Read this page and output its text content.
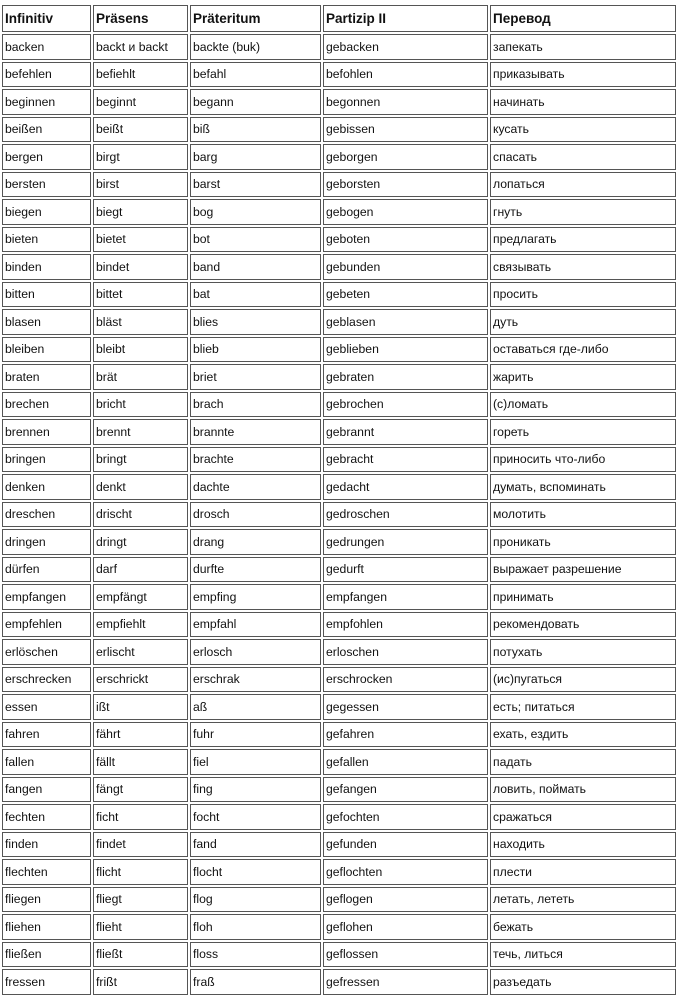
Infinitiv	Präsens	Präteritum	Partizip II	Перевод
backen	backt и backt	backte (buk)	gebacken	запекать
befehlen	befiehlt	befahl	befohlen	приказывать
beginnen	beginnt	begann	begonnen	начинать
beißen	beißt	biß	gebissen	кусать
bergen	birgt	barg	geborgen	спасать
bersten	birst	barst	geborsten	лопаться
biegen	biegt	bog	gebogen	гнуть
bieten	bietet	bot	geboten	предлагать
binden	bindet	band	gebunden	связывать
bitten	bittet	bat	gebeten	просить
blasen	bläst	blies	geblasen	дуть
bleiben	bleibt	blieb	geblieben	оставаться где-либо
braten	brät	briet	gebraten	жарить
brechen	bricht	brach	gebrochen	(с)ломать
brennen	brennt	brannte	gebrannt	гореть
bringen	bringt	brachte	gebracht	приносить что-либо
denken	denkt	dachte	gedacht	думать, вспоминать
dreschen	drischt	drosch	gedroschen	молотить
dringen	dringt	drang	gedrungen	проникать
dürfen	darf	durfte	gedurft	выражает разрешение
empfangen	empfängt	empfing	empfangen	принимать
empfehlen	empfiehlt	empfahl	empfohlen	рекомендовать
erlöschen	erlischt	erlosch	erloschen	потухать
erschrecken	erschrickt	erschrak	erschrocken	(ис)пугаться
essen	ißt	aß	gegessen	есть; питаться
fahren	fährt	fuhr	gefahren	ехать, ездить
fallen	fällt	fiel	gefallen	падать
fangen	fängt	fing	gefangen	ловить, поймать
fechten	ficht	focht	gefochten	сражаться
finden	findet	fand	gefunden	находить
flechten	flicht	flocht	geflochten	плести
fliegen	fliegt	flog	geflogen	летать, лететь
fliehen	flieht	floh	geflohen	бежать
fließen	fließt	floss	geflossen	течь, литься
fressen	frißt	fraß	gefressen	разъедать
